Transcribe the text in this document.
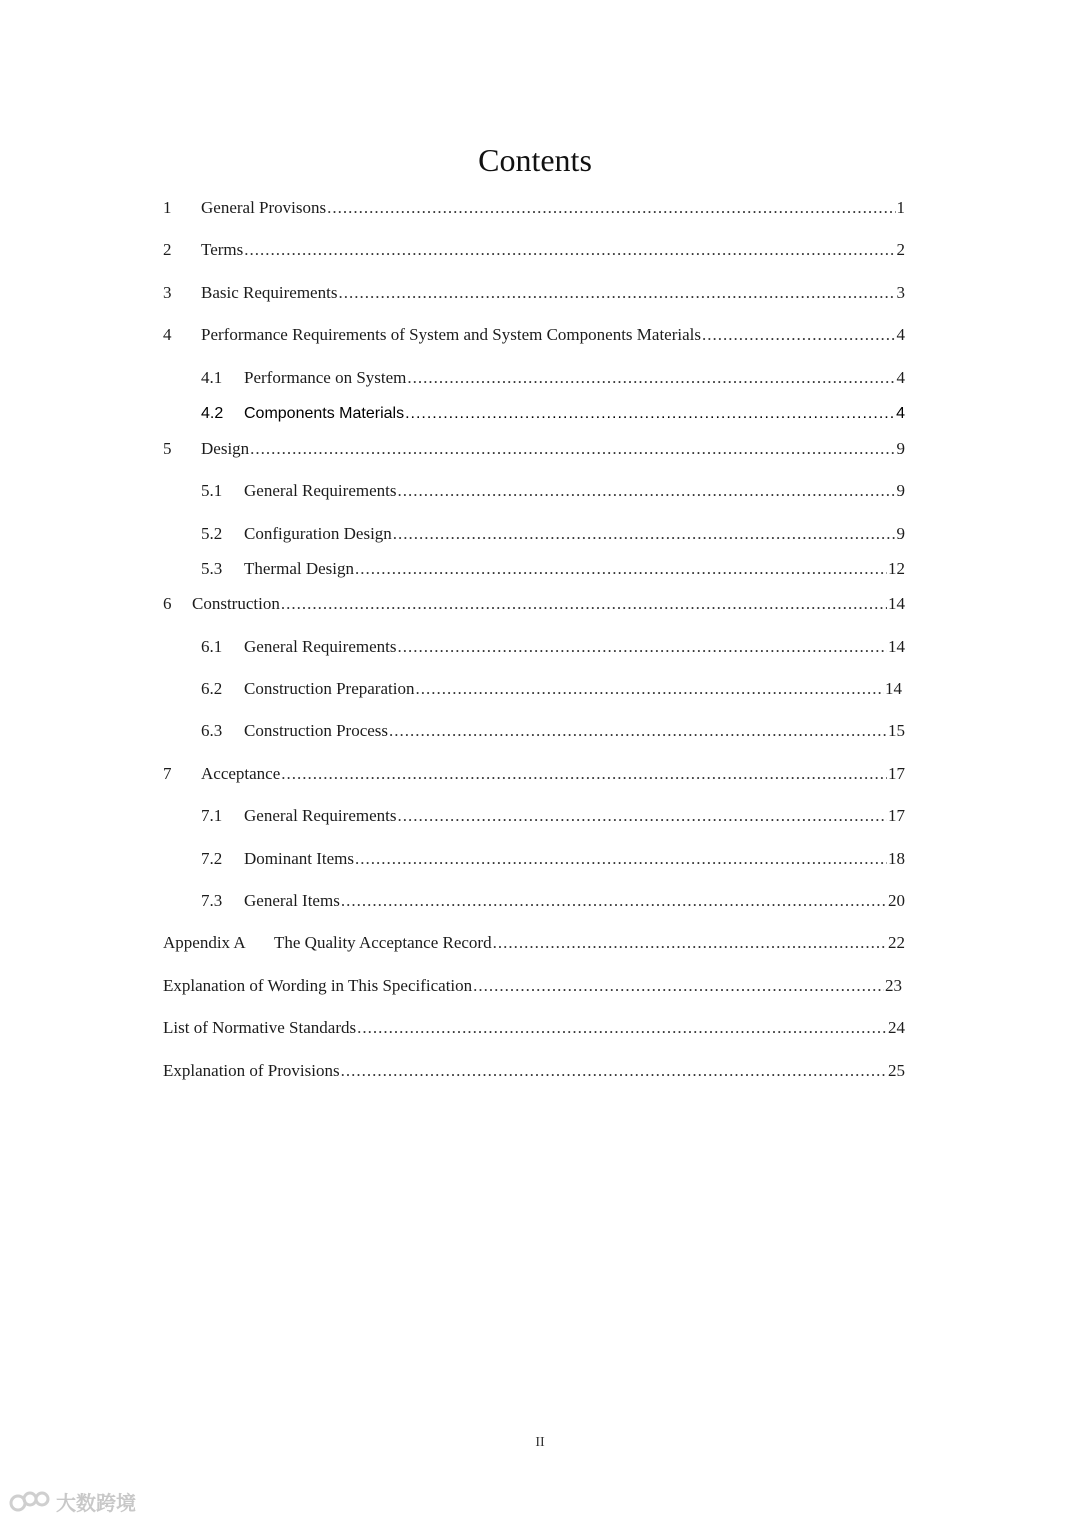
Contents
1	General Provisons .....	1
2	Terms .....	2
3	Basic Requirements .....	3
4	Performance Requirements of System and System Components Materials .....	4
4.1	Performance on System .....	4
4.2	Components Materials .....	4
5	Design .....	9
5.1	General Requirements .....	9
5.2	Configuration Design .....	9
5.3	Thermal Design .....	12
6	Construction .....	14
6.1	General Requirements .....	14
6.2	Construction Preparation .....	14
6.3	Construction Process .....	15
7	Acceptance .....	17
7.1	General Requirements .....	17
7.2	Dominant Items .....	18
7.3	General Items .....	20
Appendix A	The Quality Acceptance Record .....	22
Explanation of Wording in This Specification .....	23
List of Normative Standards .....	24
Explanation of Provisions .....	25
II
大数跨境
